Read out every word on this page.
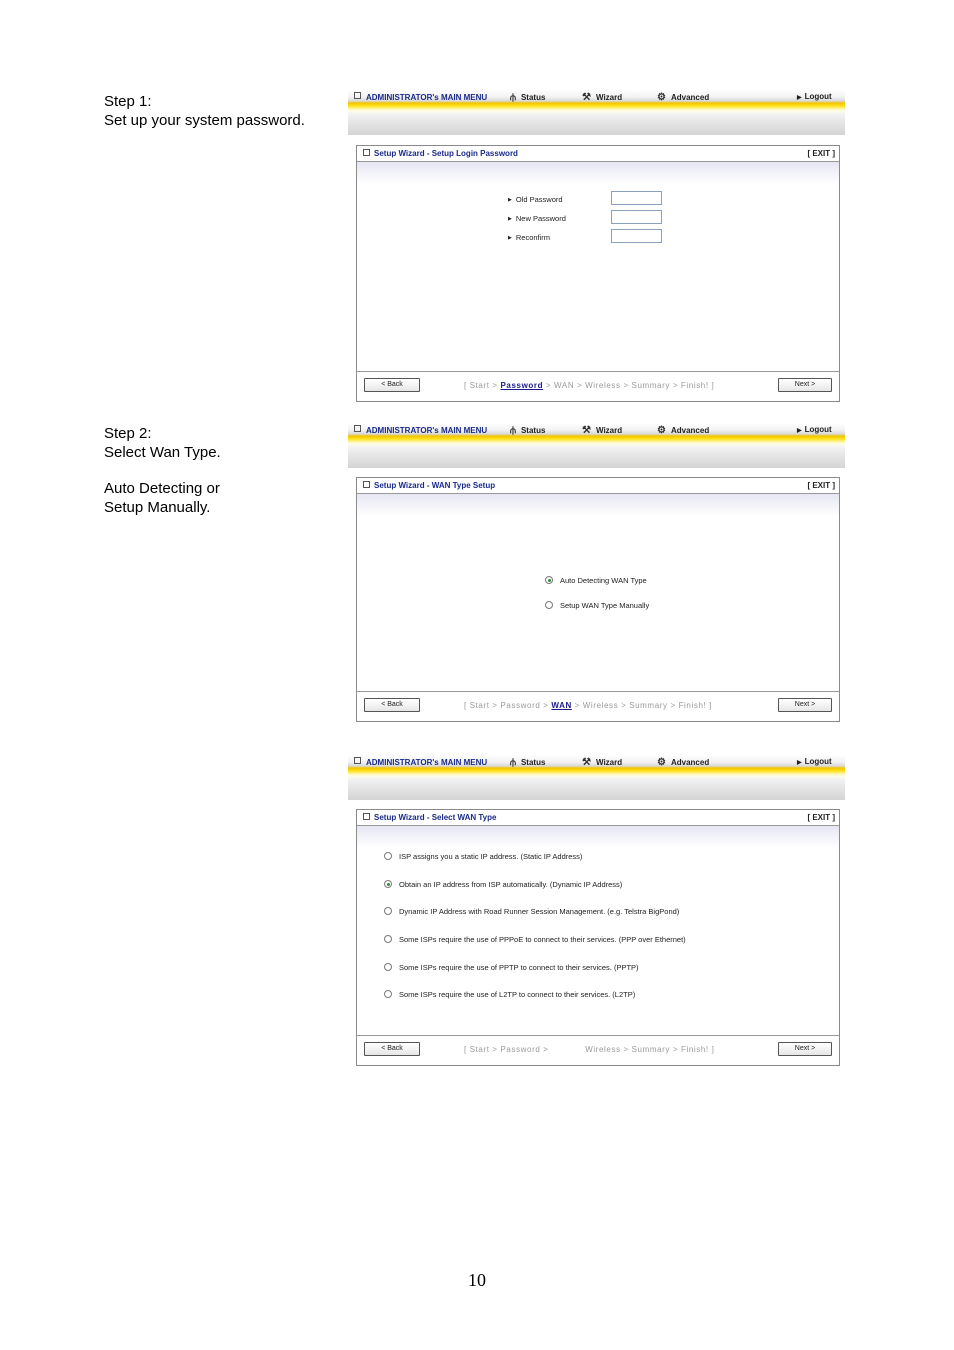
Step 1:
Set up your system password.
Step 2:
Select Wan Type.
Auto Detecting or
Setup Manually.
ADMINISTRATOR's MAIN MENU ⫛ Status	⚒ Wizard	⚙ Advanced	▶ Logout
Setup Wizard - Setup Login Password	[ EXIT ]
▶ Old Password
▶ New Password
▶ Reconfirm
< Back	[ Start > Password > WAN > Wireless > Summary > Finish! ]	Next >
ADMINISTRATOR's MAIN MENU ⫛ Status	⚒ Wizard	⚙ Advanced	▶ Logout
Setup Wizard - WAN Type Setup	[ EXIT ]
Auto Detecting WAN Type
Setup WAN Type Manually
< Back	[ Start > Password > WAN > Wireless > Summary > Finish! ]	Next >
ADMINISTRATOR's MAIN MENU ⫛ Status	⚒ Wizard	⚙ Advanced	▶ Logout
Setup Wizard - Select WAN Type	[ EXIT ]
ISP assigns you a static IP address. (Static IP Address)
Obtain an IP address from ISP automatically. (Dynamic IP Address)
Dynamic IP Address with Road Runner Session Management. (e.g. Telstra BigPond)
Some ISPs require the use of PPPoE to connect to their services. (PPP over Ethernet)
Some ISPs require the use of PPTP to connect to their services. (PPTP)
Some ISPs require the use of L2TP to connect to their services. (L2TP)
< Back	[ Start > Password >	Wireless > Summary > Finish! ]	Next >
10
